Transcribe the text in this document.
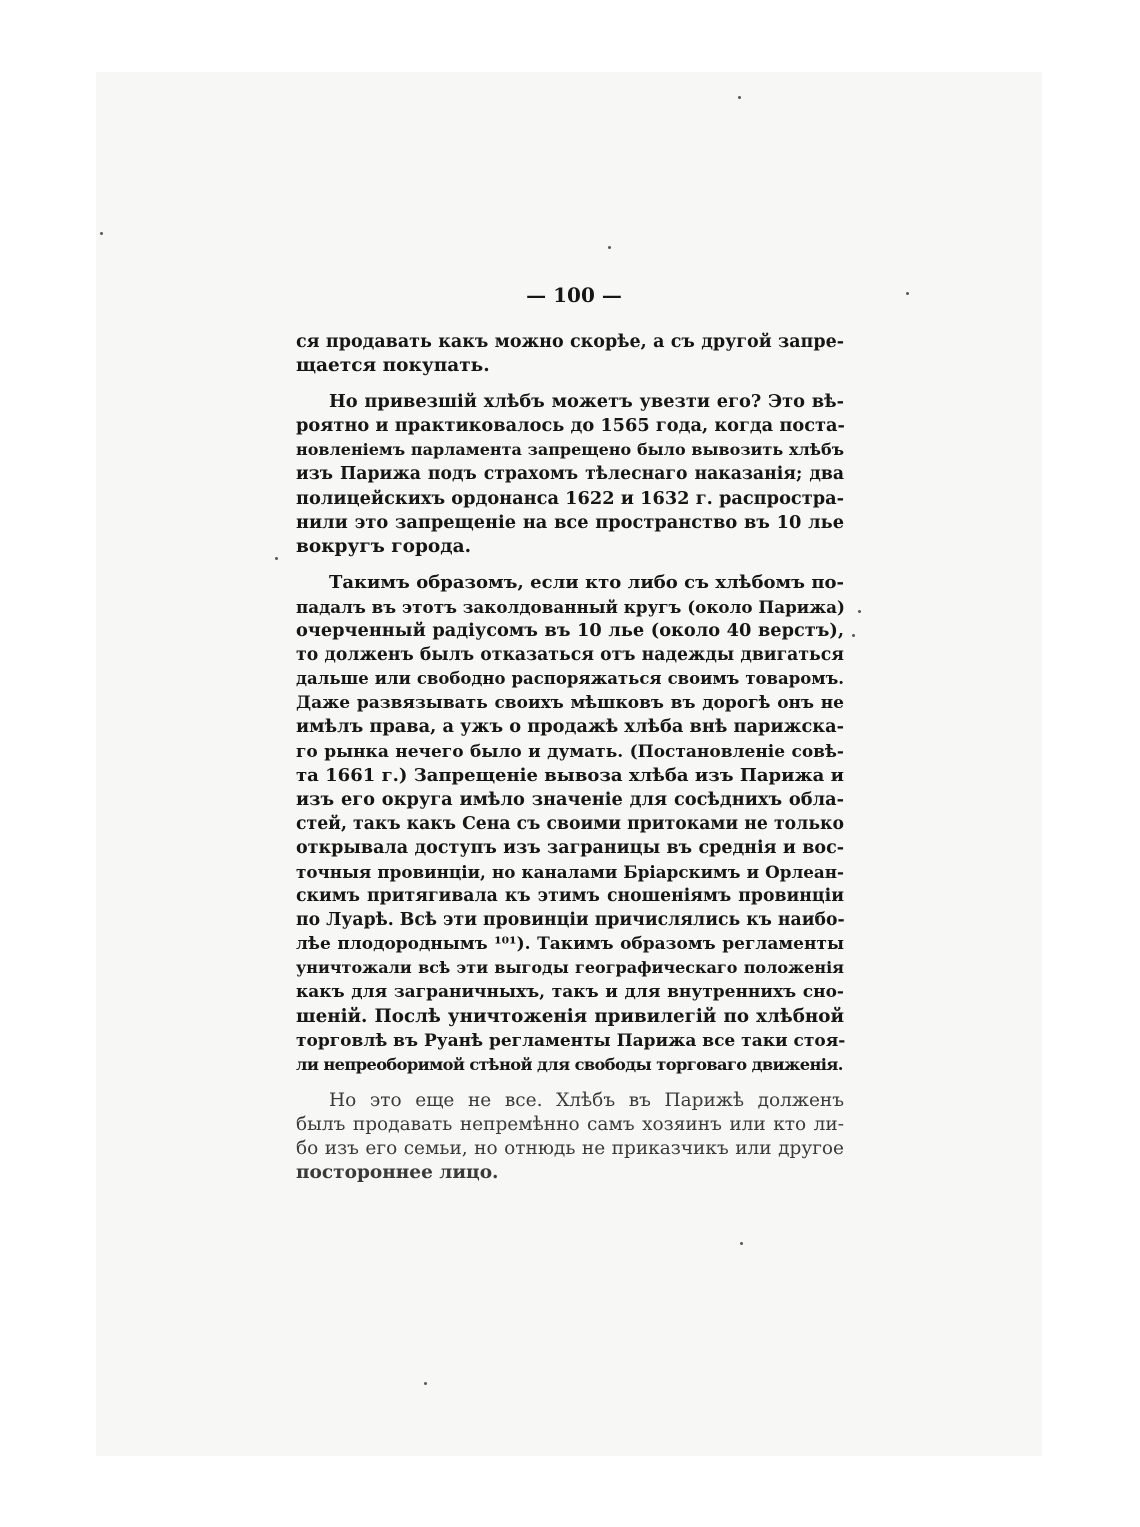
— 100 —
ся продавать какъ можно скорѣе, а съ другой запре-
щается покупать.
Но привезшій хлѣбъ можетъ увезти его? Это вѣ-
роятно и практиковалось до 1565 года, когда поста-
новленіемъ парламента запрещено было вывозить хлѣбъ
изъ Парижа подъ страхомъ тѣлеснаго наказанія; два
полицейскихъ ордонанса 1622 и 1632 г. распростра-
нили это запрещеніе на все пространство въ 10 лье
вокругъ города.
Такимъ образомъ, если кто либо съ хлѣбомъ по-
падалъ въ этотъ заколдованный кругъ (около Парижа)
очерченный радіусомъ въ 10 лье (около 40 верстъ),
то долженъ былъ отказаться отъ надежды двигаться
дальше или свободно распоряжаться своимъ товаромъ.
Даже развязывать своихъ мѣшковъ въ дорогѣ онъ не
имѣлъ права, а ужъ о продажѣ хлѣба внѣ парижска-
го рынка нечего было и думать. (Постановленіе совѣ-
та 1661 г.) Запрещеніе вывоза хлѣба изъ Парижа и
изъ его округа имѣло значеніе для сосѣднихъ обла-
стей, такъ какъ Сена съ своими притоками не только
открывала доступъ изъ заграницы въ среднія и вос-
точныя провинціи, но каналами Бріарскимъ и Орлеан-
скимъ притягивала къ этимъ сношеніямъ провинціи
по Луарѣ. Всѣ эти провинціи причислялись къ наибо-
лѣе плодороднымъ ¹⁰¹). Такимъ образомъ регламенты
уничтожали всѣ эти выгоды географическаго положенія
какъ для заграничныхъ, такъ и для внутреннихъ сно-
шеній. Послѣ уничтоженія привилегій по хлѣбной
торговлѣ въ Руанѣ регламенты Парижа все таки стоя-
ли непреоборимой стѣной для свободы торговаго движенія.
Но это еще не все. Хлѣбъ въ Парижѣ долженъ
былъ продавать непремѣнно самъ хозяинъ или кто ли-
бо изъ его семьи, но отнюдь не приказчикъ или другое
постороннее лицо.
